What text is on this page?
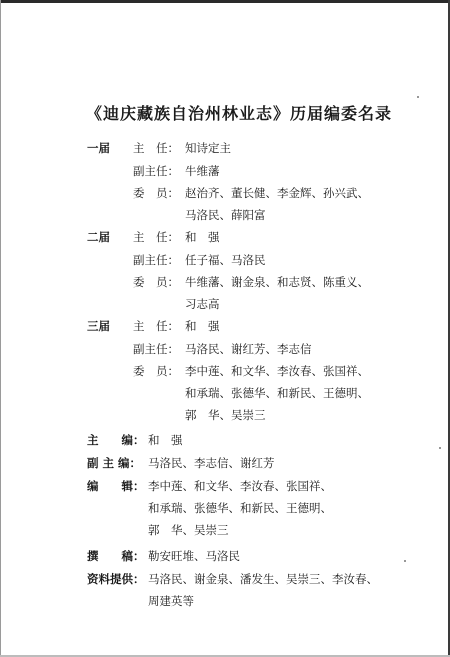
《迪庆藏族自治州林业志》历届编委名录
一届 主　任： 知诗定主
副主任： 牛维藩
委　员： 赵治齐、董长健、李金辉、孙兴武、
马洛民、薛阳富
二届 主　任： 和　强
副主任： 任子福、马洛民
委　员： 牛维藩、谢金泉、和志贤、陈重义、
习志高
三届 主　任： 和　强
副主任： 马洛民、谢红芳、李志信
委　员： 李中莲、和文华、李汝春、张国祥、
和承瑞、张德华、和新民、王德明、
郭　华、吴崇三
主　　编： 和　强
副 主 编： 马洛民、李志信、谢红芳
编　　辑： 李中莲、和文华、李汝春、张国祥、
和承瑞、张德华、和新民、王德明、
郭　华、吴崇三
撰　　稿： 勒安旺堆、马洛民
资料提供： 马洛民、谢金泉、潘发生、吴崇三、李汝春、
周建英等
